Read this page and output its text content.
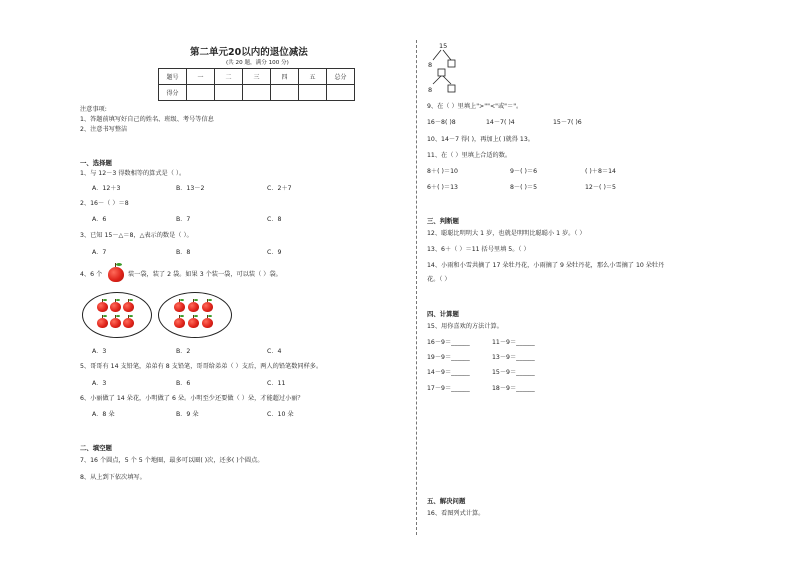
第二单元20以内的退位减法
(共 20 题，满分 100 分)
题号	一	二	三	四	五	总分
得分						
注意事项:
1、答题前填写好自己的姓名、班级、考号等信息
2、注意书写整洁
一、选择题
1、与 12－3 得数相等的算式是（ ）。
A．12＋3	B．13－2	C．2＋7
2、16－（ ）＝8
A．6	B．7	C．8
3、已知 15－△＝8，△表示的数是（ ）。
A．7	B．8	C．9
4、6 个	装一袋，装了 2 袋。如果 3 个装一袋，可以装（ ）袋。
A．3	B．2	C．4
5、哥哥有 14 支铅笔，弟弟有 8 支铅笔，哥哥给弟弟（ ）支后，两人的铅笔数同样多。
A．3	B．6	C．11
6、小丽做了 14 朵花，小明做了 6 朵。小明至少还要做（ ）朵，才能超过小丽？
A．8 朵	B．9 朵	C．10 朵
二、填空题
7、16 个圆点，5 个 5 个地圈，最多可以圈( )次，还多( )个圆点。
8、从上到下依次填写。
15
8
8
9、在（ ）里填上">""<"或"＝"。
16－8( )8	14－7( )4	15－7( )6
10、14－7 得( )，再加上( )就得 13。
11、在（ ）里填上合适的数。
8＋( )＝10	9－( )＝6	( )＋8＝14
6＋( )＝13	8－( )＝5	12－( )＝5
三、判断题
12、聪聪比明明大 1 岁，也就是明明比聪聪小 1 岁。（ ）
13、6＋（ ）＝11 括号里填 5。（ ）
14、小雨和小雪共摘了 17 朵牡丹花，小雨摘了 9 朵牡丹花，那么小雪摘了 10 朵牡丹
花。（ ）
四、计算题
15、用你喜欢的方法计算。
16－9＝______	11－9＝______
19－9＝______	13－9＝______
14－9＝______	15－9＝______
17－9＝______	18－9＝______
五、解决问题
16、看图列式计算。
